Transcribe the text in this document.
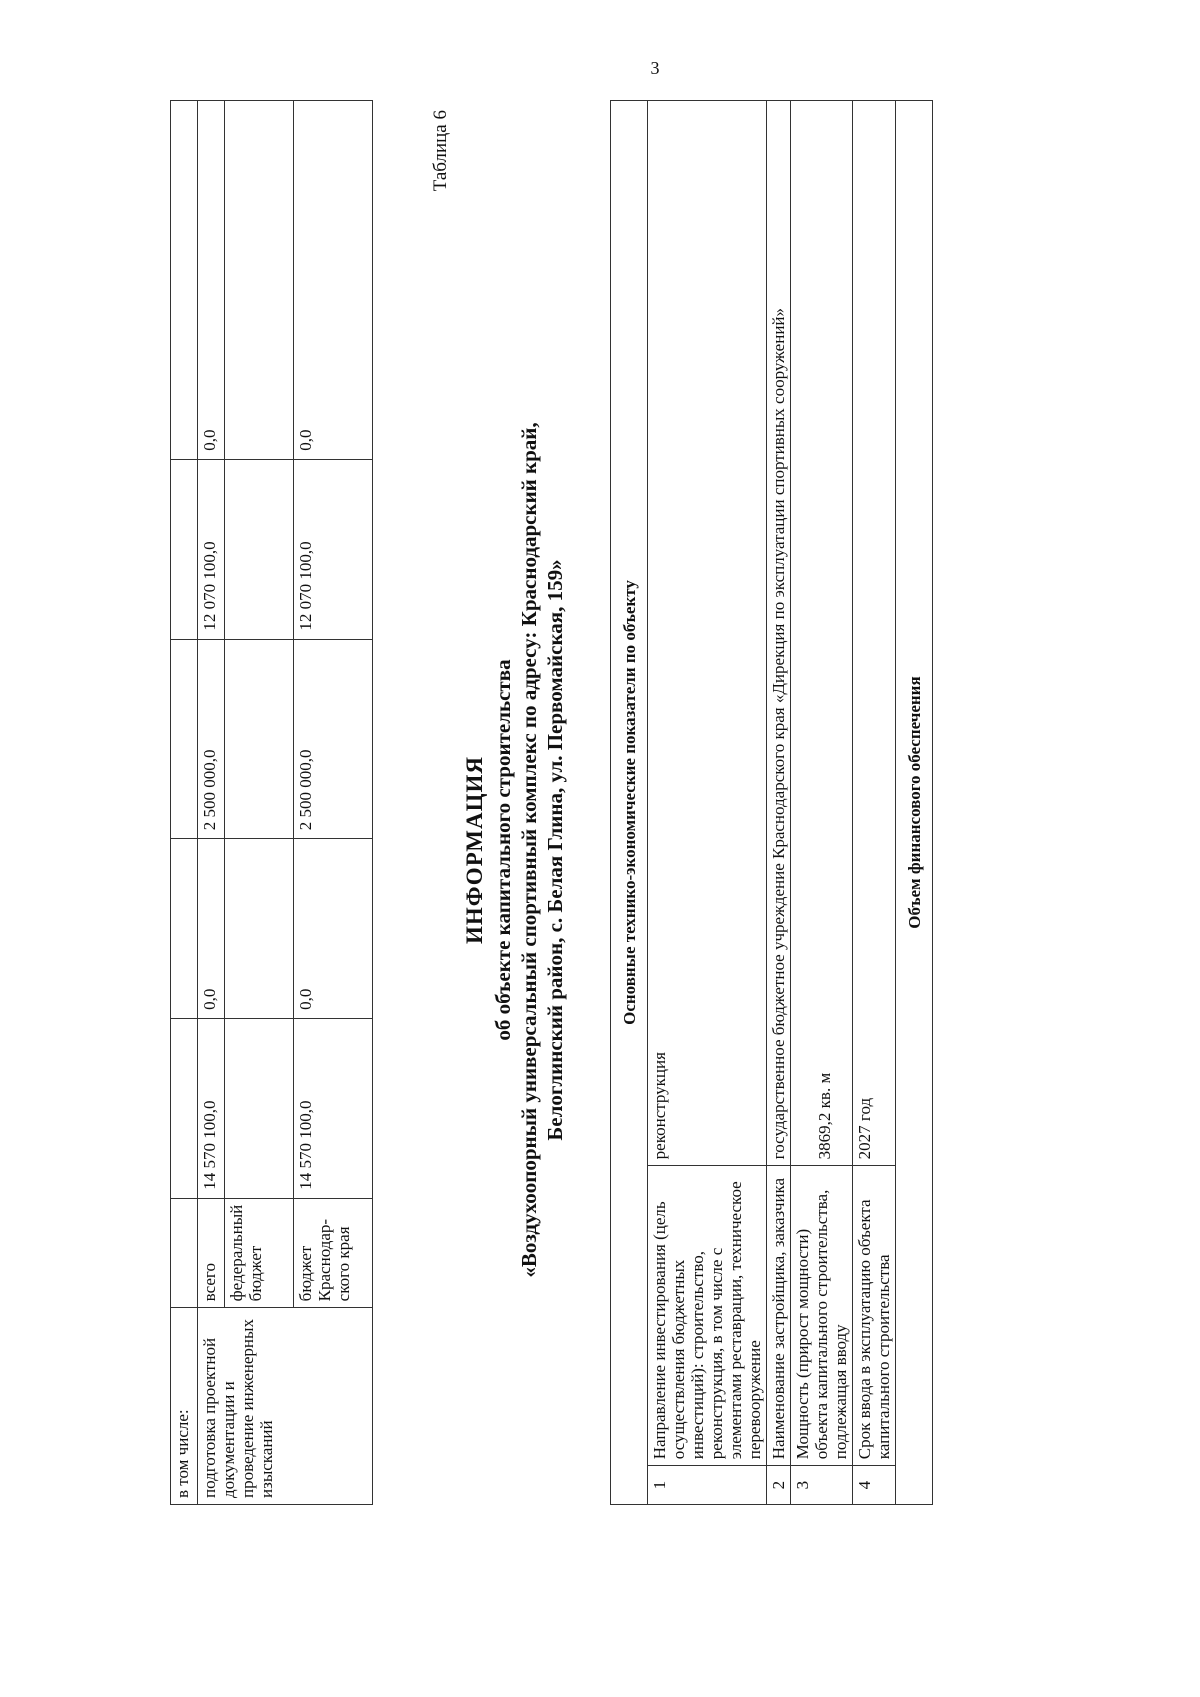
3
в том числе:						
подготовка проектной документации и проведение инженерных изысканий	всего	14 570 100,0	0,0	2 500 000,0	12 070 100,0	0,0
	федеральный бюджет					
	бюджет Краснодар-ского края	14 570 100,0	0,0	2 500 000,0	12 070 100,0	0,0
Таблица 6

ИНФОРМАЦИЯ об объекте капитального строительства «Воздухоопорный универсальный спортивный комплекс по адресу: Краснодарский край, Белоглинский район, с. Белая Глина, ул. Первомайская, 159»	Основные технико-экономические показатели по объекту		
1	Направление инвестирования (цель осуществления бюджетных инвестиций): строительство, реконструкция, в том числе с элементами реставрации, техническое перевооружение	реконструкция
2	Наименование застройщика, заказчика	государственное бюджетное учреждение Краснодарского края «Дирекция по эксплуатации спортивных сооружений»
3	Мощность (прирост мощности) объекта капитального строительства, подлежащая вводу	3869,2 кв. м
4	Срок ввода в эксплуатацию объекта капитального строительства	2027 год
Объем финансового обеспечения		
